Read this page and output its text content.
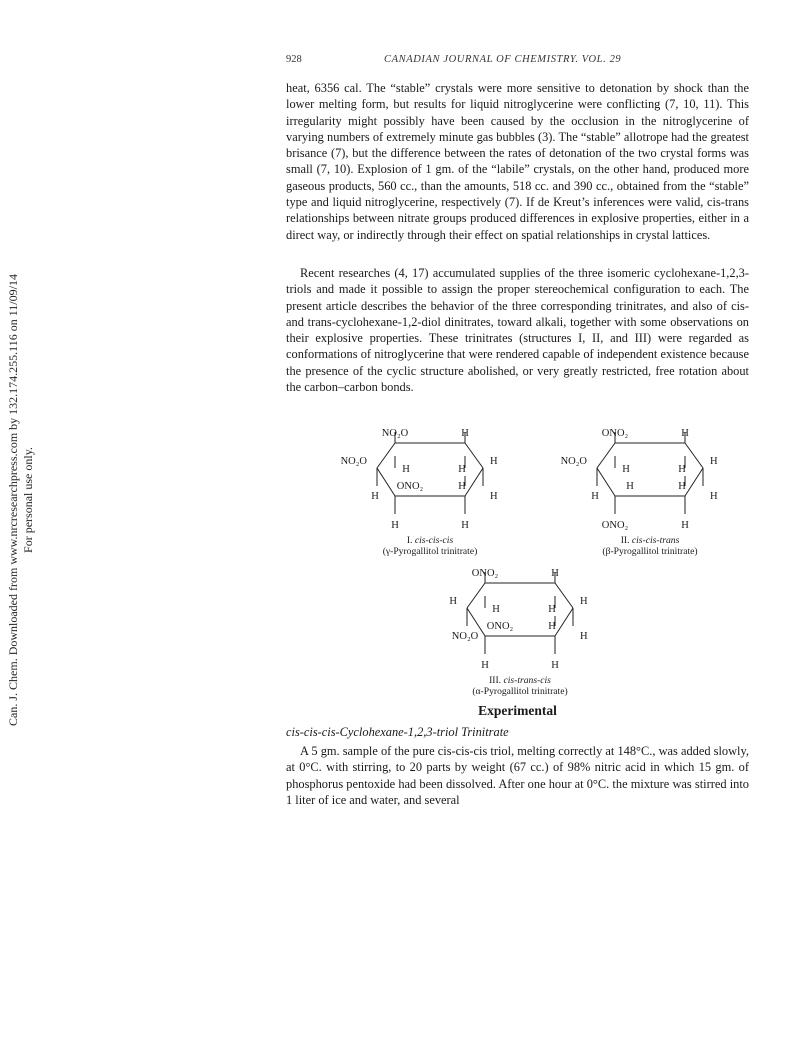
Can. J. Chem. Downloaded from www.nrcresearchpress.com by 132.174.255.116 on 11/09/14 For personal use only.
928	CANADIAN JOURNAL OF CHEMISTRY. VOL. 29

heat, 6356 cal. The “stable” crystals were more sensitive to detonation by shock than the lower melting form, but results for liquid nitroglycerine were conflicting (7, 10, 11). This irregularity might possibly have been caused by the occlusion in the nitroglycerine of varying numbers of extremely minute gas bubbles (3). The “stable” allotrope had the greatest brisance (7), but the difference between the rates of detonation of the two crystal forms was small (7, 10). Explosion of 1 gm. of the “labile” crystals, on the other hand, produced more gaseous products, 560 cc., than the amounts, 518 cc. and 390 cc., obtained from the “stable” type and liquid nitroglycerine, respectively (7). If de Kreut’s inferences were valid, cis-trans relationships between nitrate groups produced differences in explosive properties, either in a direct way, or indirectly through their effect on spatial relationships in crystal lattices.

Recent researches (4, 17) accumulated supplies of the three isomeric cyclohexane-1,2,3-triols and made it possible to assign the proper stereochemical configuration to each. The present article describes the behavior of the three corresponding trinitrates, and also of cis- and trans-cyclohexane-1,2-diol dinitrates, toward alkali, together with some observations on their explosive properties. These trinitrates (structures I, II, and III) were regarded as conformations of nitroglycerine that were rendered capable of independent existence because the presence of the cyclic structure abolished, or very greatly restricted, free rotation about the carbon–carbon bonds.

NO₂O	H
NO₂O	H
H	H
ONO₂	H
H	H
H	H
I. cis-cis-cis
(γ-Pyrogallitol trinitrate)
ONO₂	H
NO₂O	H
H	H
H	H
H	H
ONO₂	H
II. cis-cis-trans
(β-Pyrogallitol trinitrate)
ONO₂	H
H	H
H	H
ONO₂	H
NO₂O	H
H	H
III. cis-trans-cis
(α-Pyrogallitol trinitrate)
Experimental
cis-cis-cis-Cyclohexane-1,2,3-triol Trinitrate

A 5 gm. sample of the pure cis-cis-cis triol, melting correctly at 148°C., was added slowly, at 0°C. with stirring, to 20 parts by weight (67 cc.) of 98% nitric acid in which 15 gm. of phosphorus pentoxide had been dissolved. After one hour at 0°C. the mixture was stirred into 1 liter of ice and water, and several
